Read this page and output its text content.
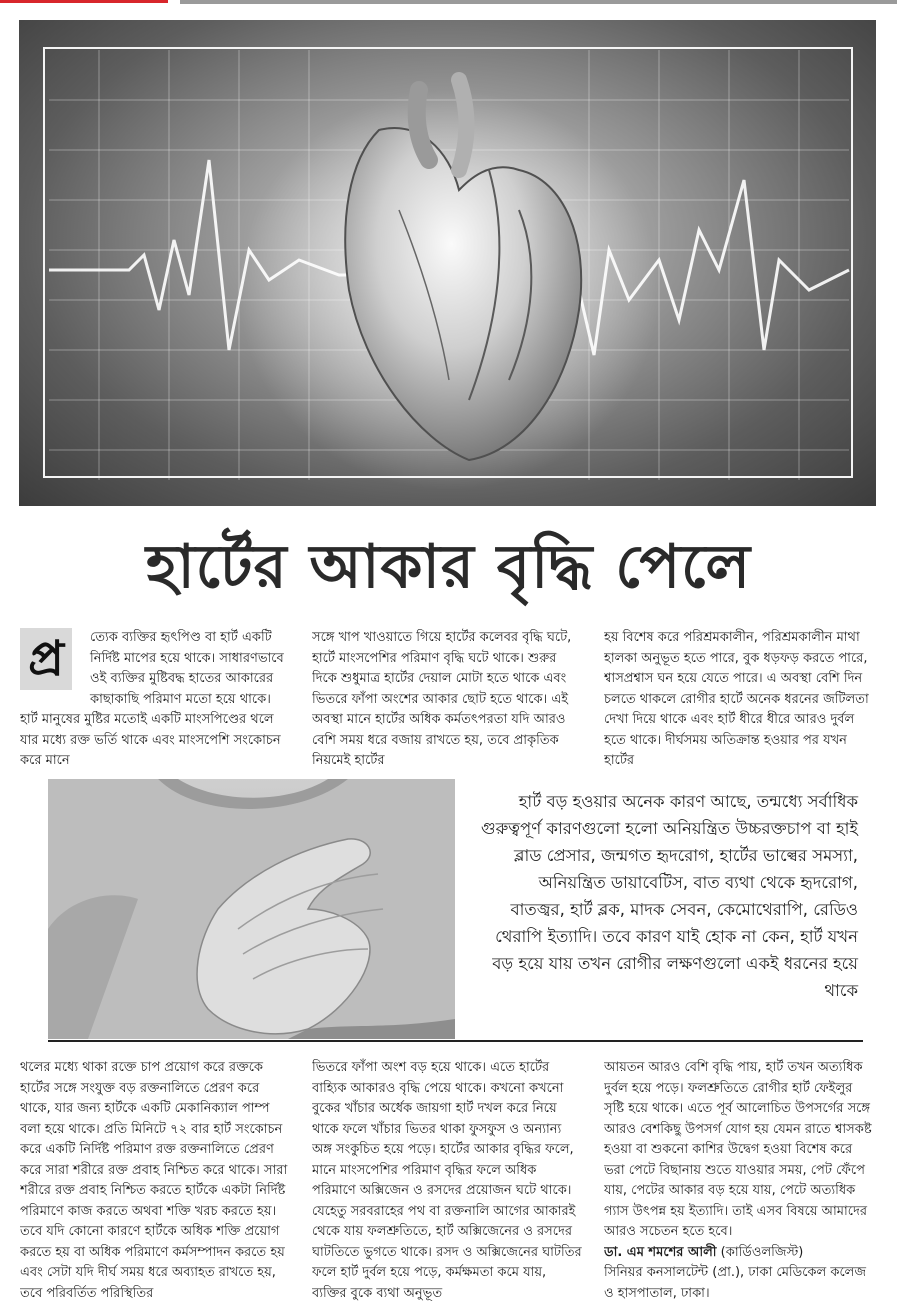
হার্টের আকার বৃদ্ধি পেলে
প্র	ত্যেক ব্যক্তির হৃৎপিণ্ড বা হার্ট একটি নির্দিষ্ট মাপের হয়ে থাকে। সাধারণভাবে ওই ব্যক্তির মুষ্টিবদ্ধ হাতের আকারের কাছাকাছি পরিমাণ মতো হয়ে থাকে। হার্ট মানুষের মুষ্টির মতোই একটি মাংসপিণ্ডের থলে যার মধ্যে রক্ত ভর্তি থাকে এবং মাংসপেশি সংকোচন করে মানে

সঙ্গে খাপ খাওয়াতে গিয়ে হার্টের কলেবর বৃদ্ধি ঘটে, হার্টে মাংসপেশির পরিমাণ বৃদ্ধি ঘটে থাকে। শুরুর দিকে শুধুমাত্র হার্টের দেয়াল মোটা হতে থাকে এবং ভিতরে ফাঁপা অংশের আকার ছোট হতে থাকে। এই অবস্থা মানে হার্টের অধিক কর্মতৎপরতা যদি আরও বেশি সময় ধরে বজায় রাখতে হয়, তবে প্রাকৃতিক নিয়মেই হার্টের

হয় বিশেষ করে পরিশ্রমকালীন, পরিশ্রমকালীন মাথা হালকা অনুভূত হতে পারে, বুক ধড়ফড় করতে পারে, শ্বাসপ্রশ্বাস ঘন হয়ে যেতে পারে। এ অবস্থা বেশি দিন চলতে থাকলে রোগীর হার্টে অনেক ধরনের জটিলতা দেখা দিয়ে থাকে এবং হার্ট ধীরে ধীরে আরও দুর্বল হতে থাকে। দীর্ঘসময় অতিক্রান্ত হওয়ার পর যখন হার্টের

হার্ট বড় হওয়ার অনেক কারণ আছে, তন্মধ্যে সর্বাধিক গুরুত্বপূর্ণ কারণগুলো হলো অনিয়ন্ত্রিত উচ্চরক্তচাপ বা হাই ব্লাড প্রেসার, জন্মগত হৃদরোগ, হার্টের ভাল্বের সমস্যা, অনিয়ন্ত্রিত ডায়াবেটিস, বাত ব্যথা থেকে হৃদরোগ, বাতজ্বর, হার্ট ব্লক, মাদক সেবন, কেমোথেরাপি, রেডিও থেরাপি ইত্যাদি। তবে কারণ যাই হোক না কেন, হার্ট যখন বড় হয়ে যায় তখন রোগীর লক্ষণগুলো একই ধরনের হয়ে থাকে

থলের মধ্যে থাকা রক্তে চাপ প্রয়োগ করে রক্তকে হার্টের সঙ্গে সংযুক্ত বড় রক্তনালিতে প্রেরণ করে থাকে, যার জন্য হার্টকে একটি মেকানিক্যাল পাম্প বলা হয়ে থাকে। প্রতি মিনিটে ৭২ বার হার্ট সংকোচন করে একটি নির্দিষ্ট পরিমাণ রক্ত রক্তনালিতে প্রেরণ করে সারা শরীরে রক্ত প্রবাহ নিশ্চিত করে থাকে। সারা শরীরে রক্ত প্রবাহ নিশ্চিত করতে হার্টকে একটা নির্দিষ্ট পরিমাণে কাজ করতে অথবা শক্তি খরচ করতে হয়। তবে যদি কোনো কারণে হার্টকে অধিক শক্তি প্রয়োগ করতে হয় বা অধিক পরিমাণে কর্মসম্পাদন করতে হয় এবং সেটা যদি দীর্ঘ সময় ধরে অব্যাহত রাখতে হয়, তবে পরিবর্তিত পরিস্থিতির

ভিতরে ফাঁপা অংশ বড় হয়ে থাকে। এতে হার্টের বাহ্যিক আকারও বৃদ্ধি পেয়ে থাকে। কখনো কখনো বুকের খাঁচার অর্ধেক জায়গা হার্ট দখল করে নিয়ে থাকে ফলে খাঁচার ভিতর থাকা ফুসফুস ও অন্যান্য অঙ্গ সংকুচিত হয়ে পড়ে। হার্টের আকার বৃদ্ধির ফলে, মানে মাংসপেশির পরিমাণ বৃদ্ধির ফলে অধিক পরিমাণে অক্সিজেন ও রসদের প্রয়োজন ঘটে থাকে। যেহেতু সরবরাহের পথ বা রক্তনালি আগের আকারই থেকে যায় ফলশ্রুতিতে, হার্ট অক্সিজেনের ও রসদের ঘাটতিতে ভুগতে থাকে। রসদ ও অক্সিজেনের ঘাটতির ফলে হার্ট দুর্বল হয়ে পড়ে, কর্মক্ষমতা কমে যায়, ব্যক্তির বুকে ব্যথা অনুভূত

আয়তন আরও বেশি বৃদ্ধি পায়, হার্ট তখন অত্যধিক দুর্বল হয়ে পড়ে। ফলশ্রুতিতে রোগীর হার্ট ফেইলুর সৃষ্টি হয়ে থাকে। এতে পূর্ব আলোচিত উপসর্গের সঙ্গে আরও বেশকিছু উপসর্গ যোগ হয় যেমন রাতে শ্বাসকষ্ট হওয়া বা শুকনো কাশির উদ্বেগ হওয়া বিশেষ করে ভরা পেটে বিছানায় শুতে যাওয়ার সময়, পেট ফেঁপে যায়, পেটের আকার বড় হয়ে যায়, পেটে অত্যধিক গ্যাস উৎপন্ন হয় ইত্যাদি। তাই এসব বিষয়ে আমাদের আরও সচেতন হতে হবে।

ডা. এম শমশের আলী (কার্ডিওলজিস্ট)

সিনিয়র কনসালটেন্ট (প্রা.), ঢাকা মেডিকেল কলেজ ও হাসপাতাল, ঢাকা।
